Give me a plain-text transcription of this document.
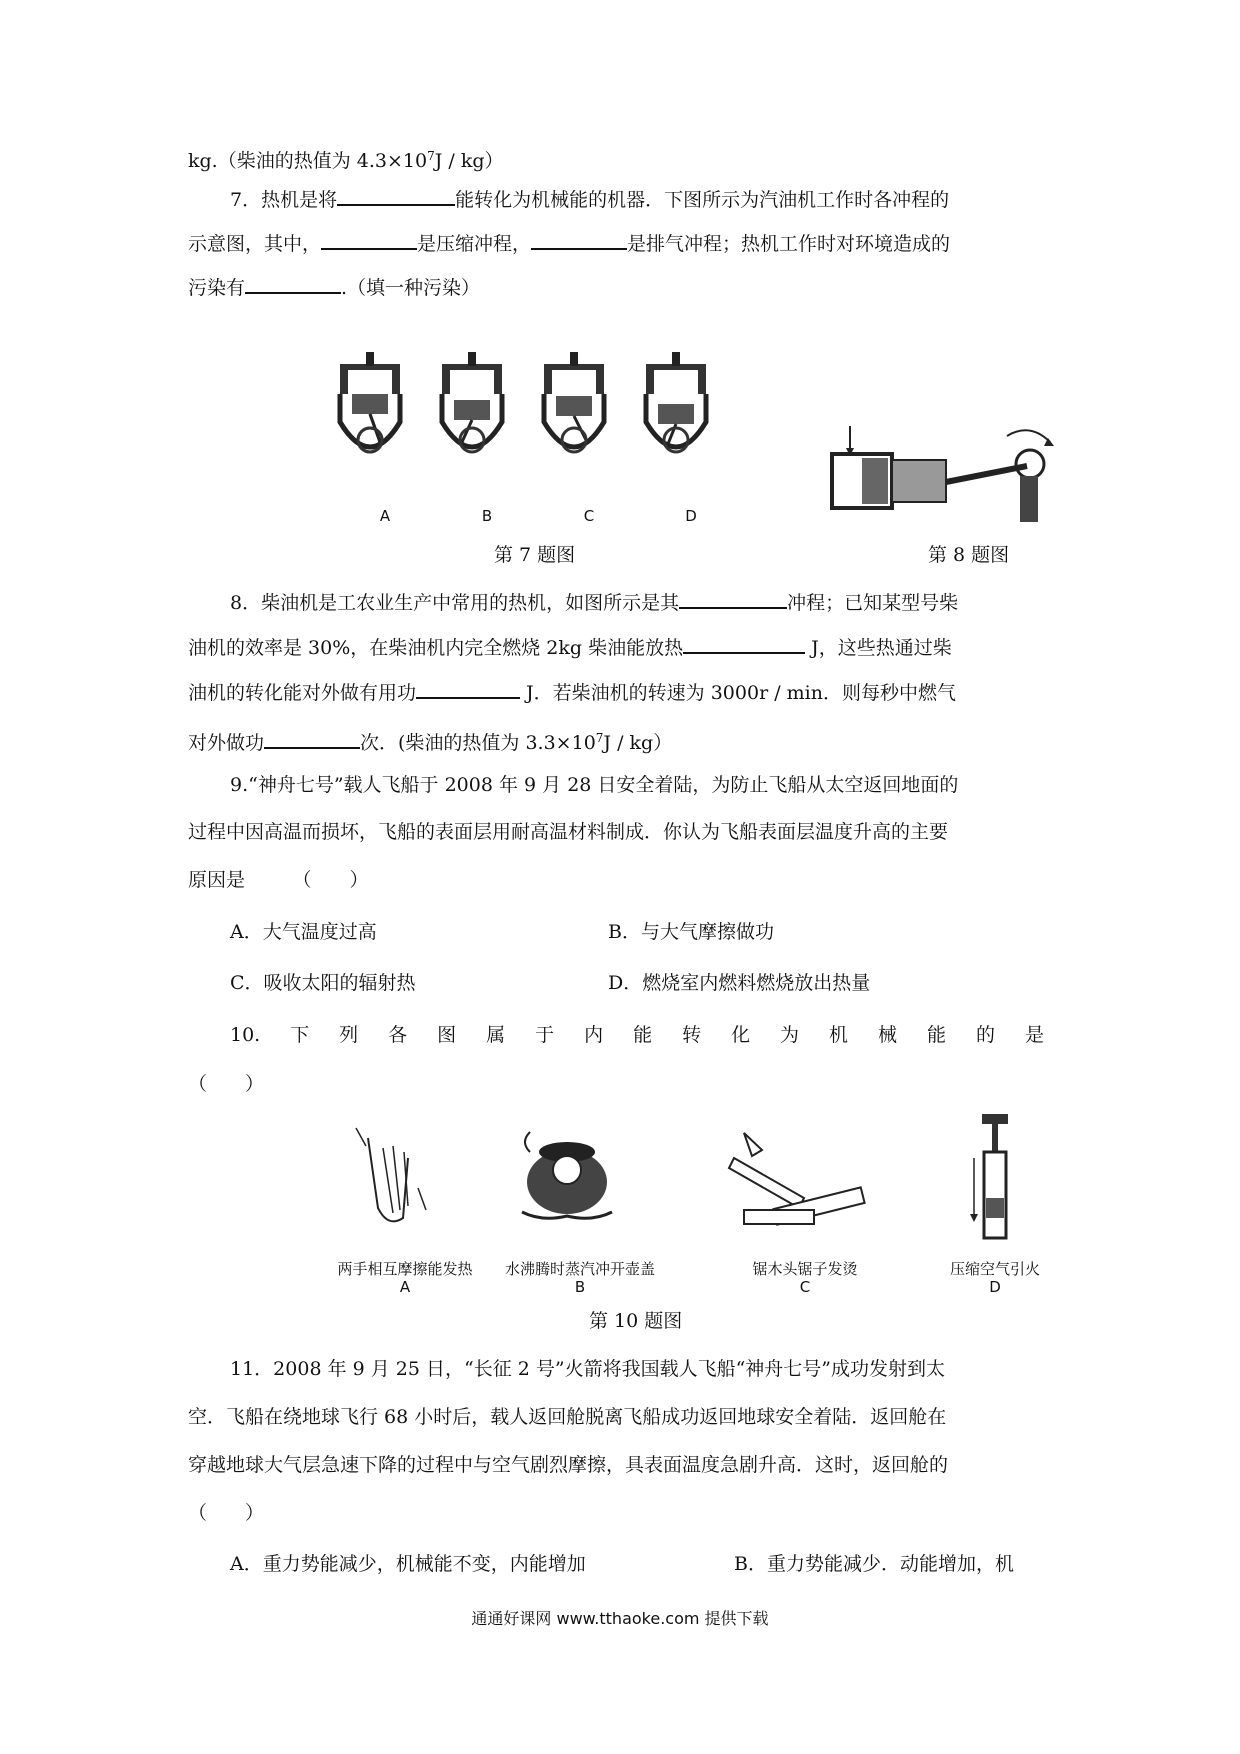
kg.（柴油的热值为 $4.3\times 10^7J / kg$）
7．热机是将	能转化为机械能的机器．下图所示为汽油机工作时各冲程的
示意图，其中，	是压缩冲程，	是排气冲程；热机工作时对环境造成的
污染有	.（填一种污染）
A	B	C	D
第 7 题图	第 8 题图
8．柴油机是工农业生产中常用的热机，如图所示是其	冲程；已知某型号柴
油机的效率是 30%，在柴油机内完全燃烧 2kg 柴油能放热	J，这些热通过柴
油机的转化能对外做有用功	J．若柴油机的转速为 3000r / min．则每秒中燃气
对外做功	次．(柴油的热值为 $3.3\times 10^7J / kg$）
9.“神舟七号”载人飞船于 2008 年 9 月 28 日安全着陆，为防止飞船从太空返回地面的
过程中因高温而损坏，飞船的表面层用耐高温材料制成．你认为飞船表面层温度升高的主要
原因是　　　（　　）
A．大气温度过高	B．与大气摩擦做功
C．吸收太阳的辐射热	D．燃烧室内燃料燃烧放出热量
10. 下 列 各 图 属 于 内 能 转 化 为 机 械 能 的 是
（　　）
两手相互摩擦能发热
A
水沸腾时蒸汽冲开壶盖
B
锯木头锯子发烫
C
压缩空气引火
D
第 10 题图
11．2008 年 9 月 25 日，“长征 2 号”火箭将我国载人飞船“神舟七号”成功发射到太
空．飞船在绕地球飞行 68 小时后，载人返回舱脱离飞船成功返回地球安全着陆．返回舱在
穿越地球大气层急速下降的过程中与空气剧烈摩擦，具表面温度急剧升高．这时，返回舱的
（　　）
A．重力势能减少，机械能不变，内能增加	B．重力势能减少．动能增加，机
通通好课网 www.tthaoke.com 提供下载
